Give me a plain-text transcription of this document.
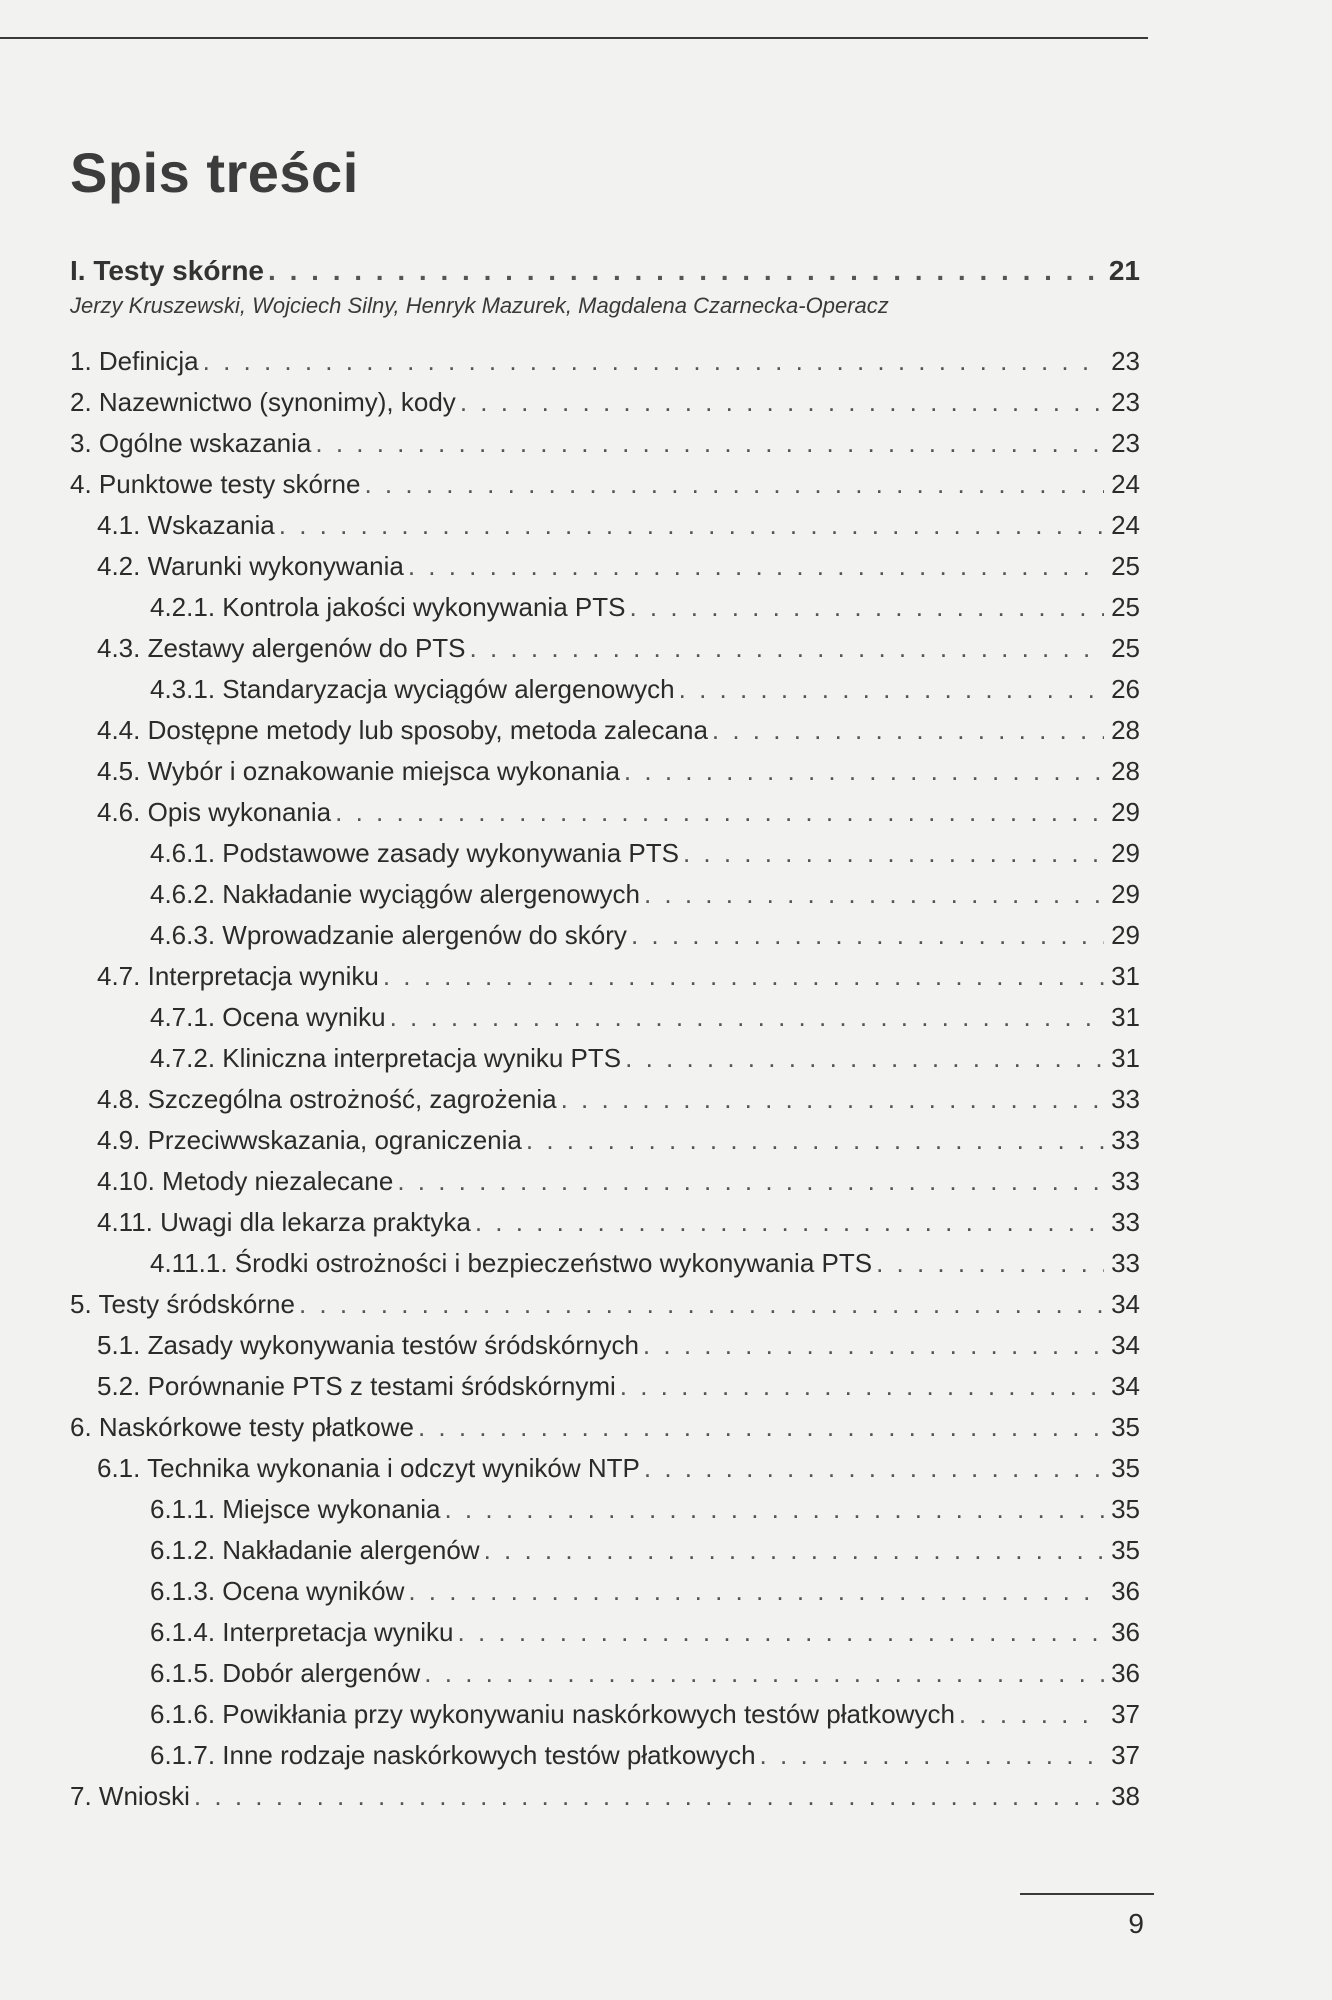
Spis treści
I. Testy skórne . . .	21
Jerzy Kruszewski, Wojciech Silny, Henryk Mazurek, Magdalena Czarnecka-Operacz
1. Definicja . . .	23
2. Nazewnictwo (synonimy), kody . . .	23
3. Ogólne wskazania . . .	23
4. Punktowe testy skórne . . .	24
4.1. Wskazania . . .	24
4.2. Warunki wykonywania . . .	25
4.2.1. Kontrola jakości wykonywania PTS . . .	25
4.3. Zestawy alergenów do PTS . . .	25
4.3.1. Standaryzacja wyciągów alergenowych . . .	26
4.4. Dostępne metody lub sposoby, metoda zalecana . . .	28
4.5. Wybór i oznakowanie miejsca wykonania . . .	28
4.6. Opis wykonania . . .	29
4.6.1. Podstawowe zasady wykonywania PTS . . .	29
4.6.2. Nakładanie wyciągów alergenowych . . .	29
4.6.3. Wprowadzanie alergenów do skóry . . .	29
4.7. Interpretacja wyniku . . .	31
4.7.1. Ocena wyniku . . .	31
4.7.2. Kliniczna interpretacja wyniku PTS . . .	31
4.8. Szczególna ostrożność, zagrożenia . . .	33
4.9. Przeciwwskazania, ograniczenia . . .	33
4.10. Metody niezalecane . . .	33
4.11. Uwagi dla lekarza praktyka . . .	33
4.11.1. Środki ostrożności i bezpieczeństwo wykonywania PTS . . .	33
5. Testy śródskórne . . .	34
5.1. Zasady wykonywania testów śródskórnych . . .	34
5.2. Porównanie PTS z testami śródskórnymi . . .	34
6. Naskórkowe testy płatkowe . . .	35
6.1. Technika wykonania i odczyt wyników NTP . . .	35
6.1.1. Miejsce wykonania . . .	35
6.1.2. Nakładanie alergenów . . .	35
6.1.3. Ocena wyników . . .	36
6.1.4. Interpretacja wyniku . . .	36
6.1.5. Dobór alergenów . . .	36
6.1.6. Powikłania przy wykonywaniu naskórkowych testów płatkowych . . .	37
6.1.7. Inne rodzaje naskórkowych testów płatkowych . . .	37
7. Wnioski . . .	38
9
